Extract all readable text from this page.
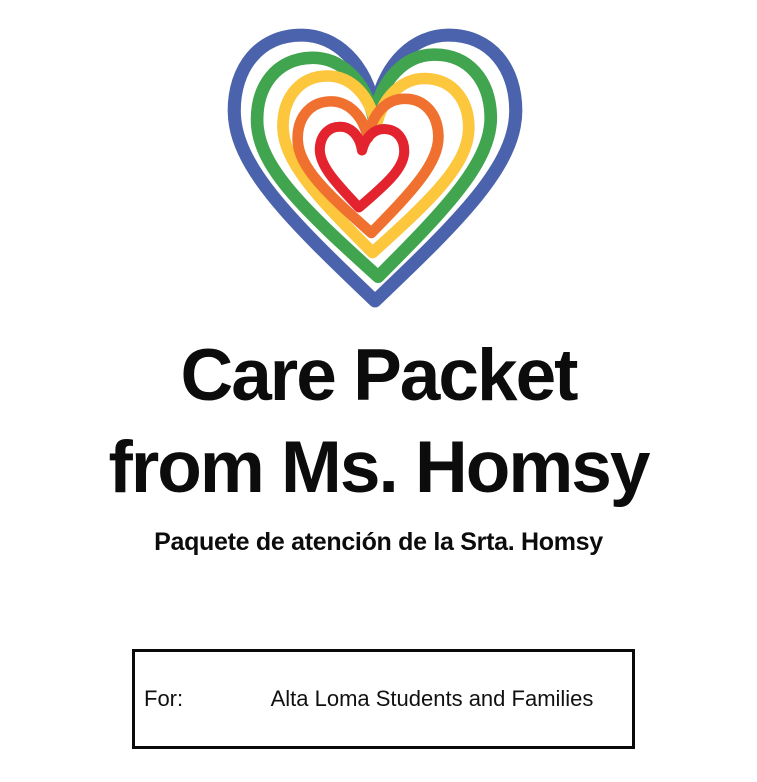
Care Packet
from Ms. Homsy
Paquete de atención de la Srta. Homsy
For:	Alta Loma Students and Families
